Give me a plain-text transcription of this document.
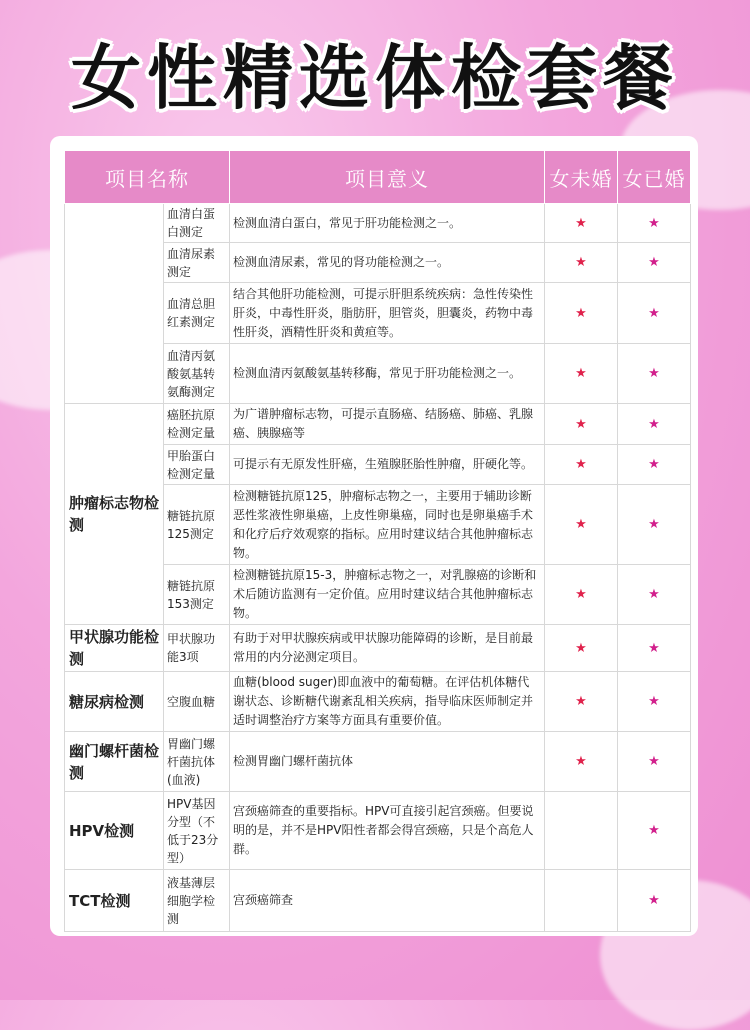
女性精选体检套餐
项目名称		项目意义	女未婚	女已婚
	血清白蛋白测定	检测血清白蛋白，常见于肝功能检测之一。	★	★
	血清尿素测定	检测血清尿素，常见的肾功能检测之一。	★	★
	血清总胆红素测定	结合其他肝功能检测，可提示肝胆系统疾病：急性传染性肝炎，中毒性肝炎，脂肪肝，胆管炎，胆囊炎，药物中毒性肝炎，酒精性肝炎和黄疸等。	★	★
	血清丙氨酸氨基转氨酶测定	检测血清丙氨酸氨基转移酶，常见于肝功能检测之一。	★	★
肿瘤标志物检测	癌胚抗原检测定量	为广谱肿瘤标志物，可提示直肠癌、结肠癌、肺癌、乳腺癌、胰腺癌等	★	★
	甲胎蛋白检测定量	可提示有无原发性肝癌，生殖腺胚胎性肿瘤，肝硬化等。	★	★
	糖链抗原125测定	检测糖链抗原125，肿瘤标志物之一，主要用于辅助诊断恶性浆液性卵巢癌，上皮性卵巢癌，同时也是卵巢癌手术和化疗后疗效观察的指标。应用时建议结合其他肿瘤标志物。	★	★
	糖链抗原153测定	检测糖链抗原15-3，肿瘤标志物之一，对乳腺癌的诊断和术后随访监测有一定价值。应用时建议结合其他肿瘤标志物。	★	★
甲状腺功能检测	甲状腺功能3项	有助于对甲状腺疾病或甲状腺功能障碍的诊断，是目前最常用的内分泌测定项目。	★	★
糖尿病检测	空腹血糖	血糖(blood suger)即血液中的葡萄糖。在评估机体糖代谢状态、诊断糖代谢紊乱相关疾病，指导临床医师制定并适时调整治疗方案等方面具有重要价值。	★	★
幽门螺杆菌检测	胃幽门螺杆菌抗体(血液)	检测胃幽门螺杆菌抗体	★	★
HPV检测	HPV基因分型（不低于23分型）	宫颈癌筛查的重要指标。HPV可直接引起宫颈癌。但要说明的是，并不是HPV阳性者都会得宫颈癌，只是个高危人群。		★
TCT检测	液基薄层细胞学检测	宫颈癌筛查		★
